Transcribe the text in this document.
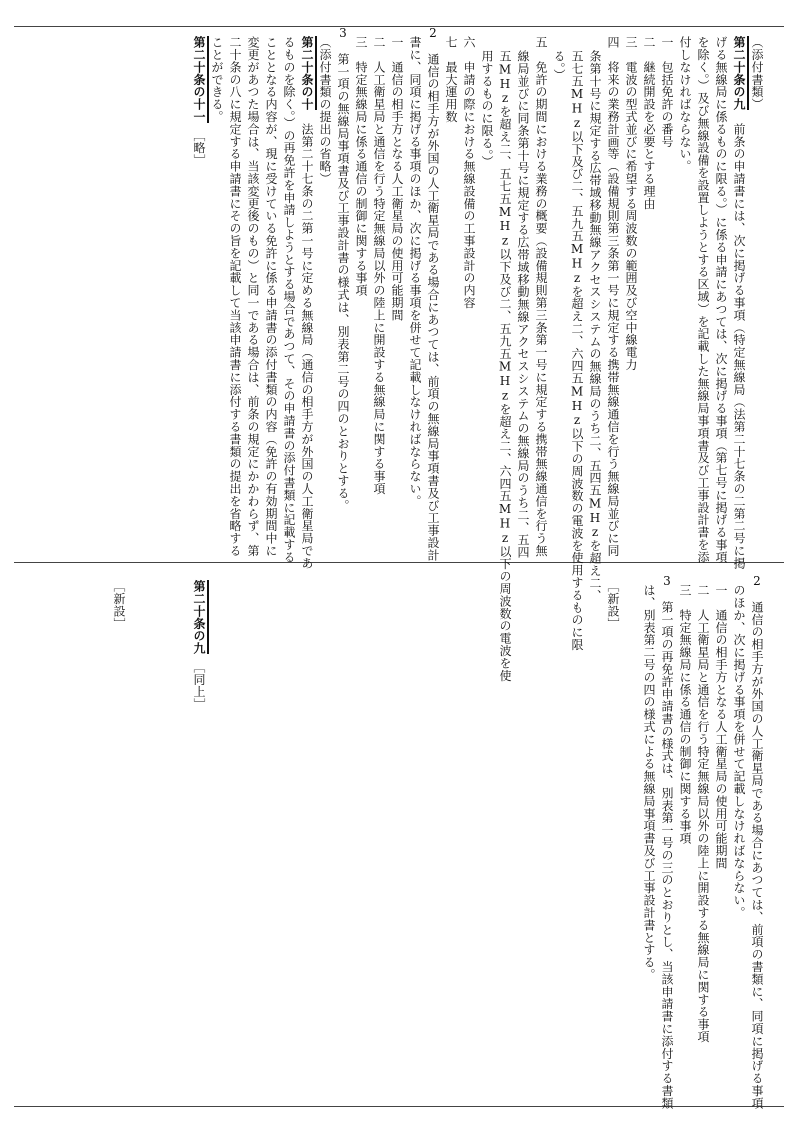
（添付書類）
第二十条の九　前条の申請書には、次に掲げる事項（特定無線局（法第二十七条の二第二号に掲
げる無線局に係るものに限る。）に係る申請にあつては、次に掲げる事項（第七号に掲げる事項
を除く。）及び無線設備を設置しようとする区域）を記載した無線局事項書及び工事設計書を添
付しなければならない。
一　包括免許の番号
二　継続開設を必要とする理由
三　電波の型式並びに希望する周波数の範囲及び空中線電力
四　将来の業務計画等（設備規則第三条第一号に規定する携帯無線通信を行う無線局並びに同
条第十号に規定する広帯域移動無線アクセスシステムの無線局のうち二、五四五MHzを超え二、
五七五MHz以下及び二、五九五MHzを超え二、六四五MHz以下の周波数の電波を使用するものに限
る。）
五　免許の期間における業務の概要（設備規則第三条第一号に規定する携帯無線通信を行う無
線局並びに同条第十号に規定する広帯域移動無線アクセスシステムの無線局のうち二、五四
五MHzを超え二、五七五MHz以下及び二、五九五MHzを超え二、六四五MHz以下の周波数の電波を使
用するものに限る。）
六　申請の際における無線設備の工事設計の内容
七　最大運用数
2　通信の相手方が外国の人工衛星局である場合にあつては、前項の無線局事項書及び工事設計
書に、同項に掲げる事項のほか、次に掲げる事項を併せて記載しなければならない。
一　通信の相手方となる人工衛星局の使用可能期間
二　人工衛星局と通信を行う特定無線局以外の陸上に開設する無線局に関する事項
三　特定無線局に係る通信の制御に関する事項
3　第一項の無線局事項書及び工事設計書の様式は、別表第二号の四のとおりとする。
（添付書類の提出の省略）
第二十条の十　法第二十七条の二第一号に定める無線局（通信の相手方が外国の人工衛星局であ
るものを除く。）の再免許を申請しようとする場合であつて、その申請書の添付書類に記載する
こととなる内容が、現に受けている免許に係る申請書の添付書類の内容（免許の有効期間中に
変更があつた場合は、当該変更後のもの）と同一である場合は、前条の規定にかかわらず、第
二十条の八に規定する申請書にその旨を記載して当該申請書に添付する書類の提出を省略する
ことができる。
第二十条の十一　［略］
2　通信の相手方が外国の人工衛星局である場合にあつては、前項の書類に、同項に掲げる事項
のほか、次に掲げる事項を併せて記載しなければならない。
一　通信の相手方となる人工衛星局の使用可能期間
二　人工衛星局と通信を行う特定無線局以外の陸上に開設する無線局に関する事項
三　特定無線局に係る通信の制御に関する事項
3　第一項の再免許申請書の様式は、別表第一号の三のとおりとし、当該申請書に添付する書類
は、別表第二号の四の様式による無線局事項書及び工事設計書とする。
［新設］
第二十条の九　［同上］
［新設］
